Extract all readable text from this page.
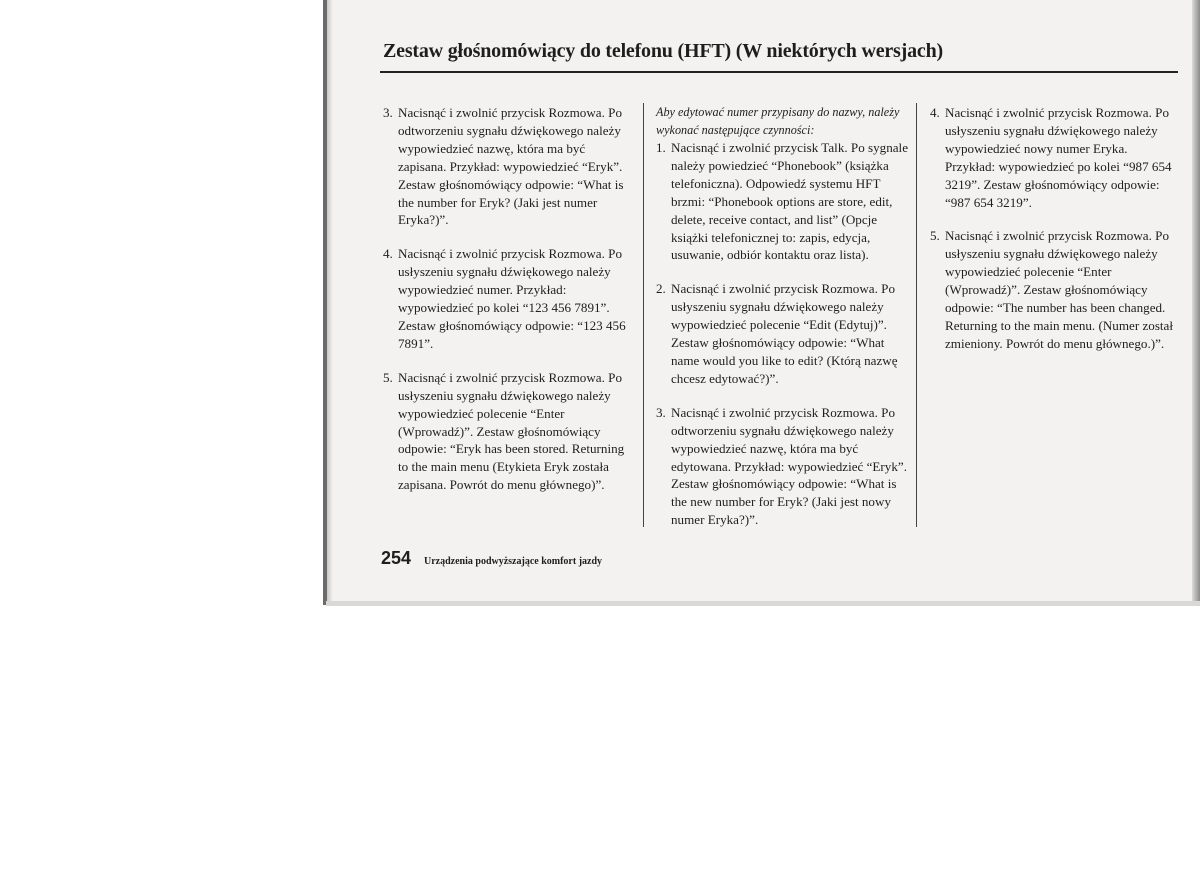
Zestaw głośnomówiący do telefonu (HFT) (W niektórych wersjach)
3. Nacisnąć i zwolnić przycisk Rozmowa. Po odtworzeniu sygnału dźwiękowego należy wypowiedzieć nazwę, która ma być zapisana. Przykład: wypowiedzieć “Eryk”. Zestaw głośnomówiący odpowie: “What is the number for Eryk? (Jaki jest numer Eryka?)”.
4. Nacisnąć i zwolnić przycisk Rozmowa. Po usłyszeniu sygnału dźwiękowego należy wypowiedzieć numer. Przykład: wypowiedzieć po kolei “123 456 7891”. Zestaw głośnomówiący odpowie: “123 456 7891”.
5. Nacisnąć i zwolnić przycisk Rozmowa. Po usłyszeniu sygnału dźwiękowego należy wypowiedzieć polecenie “Enter (Wprowadź)”. Zestaw głośnomówiący odpowie: “Eryk has been stored. Returning to the main menu (Etykieta Eryk została zapisana. Powrót do menu głównego)”.

Aby edytować numer przypisany do nazwy, należy wykonać następujące czynności:

1. Nacisnąć i zwolnić przycisk Talk. Po sygnale należy powiedzieć “Phonebook” (książka telefoniczna). Odpowiedź systemu HFT brzmi: “Phonebook options are store, edit, delete, receive contact, and list” (Opcje książki telefonicznej to: zapis, edycja, usuwanie, odbiór kontaktu oraz lista).
2. Nacisnąć i zwolnić przycisk Rozmowa. Po usłyszeniu sygnału dźwiękowego należy wypowiedzieć polecenie “Edit (Edytuj)”. Zestaw głośnomówiący odpowie: “What name would you like to edit? (Którą nazwę chcesz edytować?)”.
3. Nacisnąć i zwolnić przycisk Rozmowa. Po odtworzeniu sygnału dźwiękowego należy wypowiedzieć nazwę, która ma być edytowana. Przykład: wypowiedzieć “Eryk”. Zestaw głośnomówiący odpowie: “What is the new number for Eryk? (Jaki jest nowy numer Eryka?)”.
4. Nacisnąć i zwolnić przycisk Rozmowa. Po usłyszeniu sygnału dźwiękowego należy wypowiedzieć nowy numer Eryka. Przykład: wypowiedzieć po kolei “987 654 3219”. Zestaw głośnomówiący odpowie: “987 654 3219”.
5. Nacisnąć i zwolnić przycisk Rozmowa. Po usłyszeniu sygnału dźwiękowego należy wypowiedzieć polecenie “Enter (Wprowadź)”. Zestaw głośnomówiący odpowie: “The number has been changed. Returning to the main menu. (Numer został zmieniony. Powrót do menu głównego.)”.
254 Urządzenia podwyższające komfort jazdy
